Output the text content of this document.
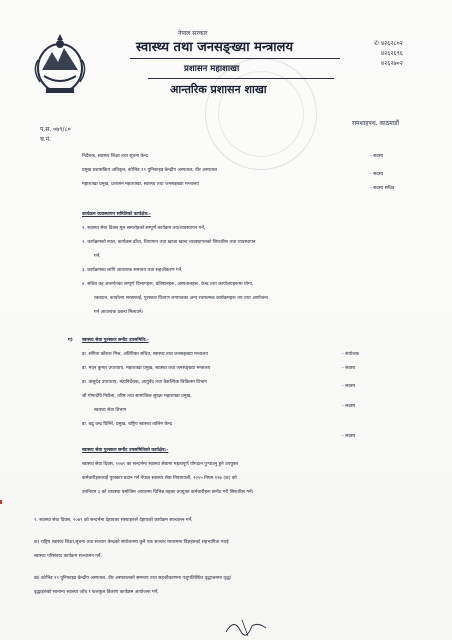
नेपाल सरकार
स्वास्थ्य तथा जनसङ्ख्या मन्त्रालय
प्रशासन महाशाखा
आन्तरिक प्रशासन शाखा
✆ ४२६२८०२
४२६२६९६
४२६२७०२
रामशाहपथ, काठमाडौं
प.स. ०७९/८०
च.नं.
निर्देशक, स्वास्थ्य शिक्षा तथा सूचना केन्द्र	- सदस्य
प्रमुख प्रशासकिय अधिकृत, कोभिड १९ युनिफाइड केन्द्रीय अस्पताल, वीर अस्पताल
- सदस्य
महाशाखा प्रमुख, प्रशासन महाशाखा, स्वास्थ्य तथा जनसङ्ख्या मन्त्रालय
- सदस्य सचिव
कार्यक्रम व्यवस्थापन समितिको कार्यक्षेत्र:-
१. स्वास्थ्य सेवा दिवस मूल समारोहको सम्पूर्ण कार्यक्रम तय/व्यवस्थापन गर्ने,
२. कार्यक्रमको स्थल, कार्यक्रम ढाँचा, चियापान तथा खाजा खाना व्यवस्थापनको सिफारिस तथा व्यवस्थापन
गर्ने,
३. कार्यक्रमका लागि आवश्यक समन्वय तथा सहजीकरण गर्ने,
४. सचिव तह अन्तर्गतका सम्पूर्ण विभागहरू, प्रतिष्ठानहरू, अस्पतालहरू, केन्द्र तथा कार्यालयहरूमा योग्य,
रक्तदान, कार्यालय सरसफाई, पुरस्कार वितरण लगायतका अन्य रचनात्मक कार्यक्रमहरू तय तथा आयोजना
गर्न आवश्यक प्रबन्ध मिलाउने।
ग) स्वास्थ्य सेवा पुरस्कार छनौट उपसमिति:-
डा. संगिता कौशल मिश्र, अतिरिक्त सचिव, स्वास्थ्य तथा जनसङ्ख्या मन्त्रालय	- संयोजक
डा. मदन कुमार उपाध्याय, महाशाखा प्रमुख, स्वास्थ्य तथा जनसङ्ख्या मन्त्रालय	- सदस्य
डा. वासुदेव उपाध्याय, महानिर्देशक, आयुर्वेद तथा वैकल्पिक चिकित्सा विभाग
- सदस्य
श्री गोमादेवि निरौला, वरिष्ठ तथा सामाजिक सुरक्षा महाशाखा प्रमुख,
- सदस्य
स्वास्थ्य सेवा विभाग
डा. बद्रु चन्द्र घिमिरे, प्रमुख, राष्ट्रिय स्वास्थ्य तालिम केन्द्र
- सदस्य
स्वास्थ्य सेवा पुरस्कार छनौट उपसमितिको कार्यक्षेत्र:-
स्वास्थ्य सेवा दिवस, २०७९ का सन्दर्भमा स्वास्थ्य सेवामा महत्वपूर्ण योगदान पुऱ्याउनु हुने उपयुक्त
कर्मचारीहरूलाई पुरस्कार प्रदान गर्न नेपाल स्वास्थ्य सेवा नियमावली, २०५५ नियम १२७ (क) को
उपनियम ३ को व्यवस्था बमोजिम आधारमा विभिन्न तहका उपयुक्त कर्मचारीहरू छनौट गरी सिफारिस गर्ने।
२. स्वास्थ्य सेवा दिवस, २०७९ को सन्दर्भमा देहायका संस्थाहरुले देहायको कार्यक्रम सञ्चालन गर्ने,
क) राष्ट्रिय स्वास्थ्य शिक्षा,सूचना तथा सञ्चार केन्द्रको संयोजनमा कुनै एक सञ्चार माध्यममा विज्ञहरुको सहभागिता गराई
स्वास्थ्य परिसंवाद कार्यक्रम सञ्चालन गर्ने,
ख) कोभिड १९ युनिफाइड केन्द्रीय अस्पताल, वीर अस्पतालको समन्वय तथा सहजीकरणमा पशुपतिस्थित वृद्धाश्रममा वृद्ध/
वृद्धाहरुको सामान्य स्वास्थ्य जाँच र फलफूल वितरण कार्यक्रम आयोजना गर्ने,
